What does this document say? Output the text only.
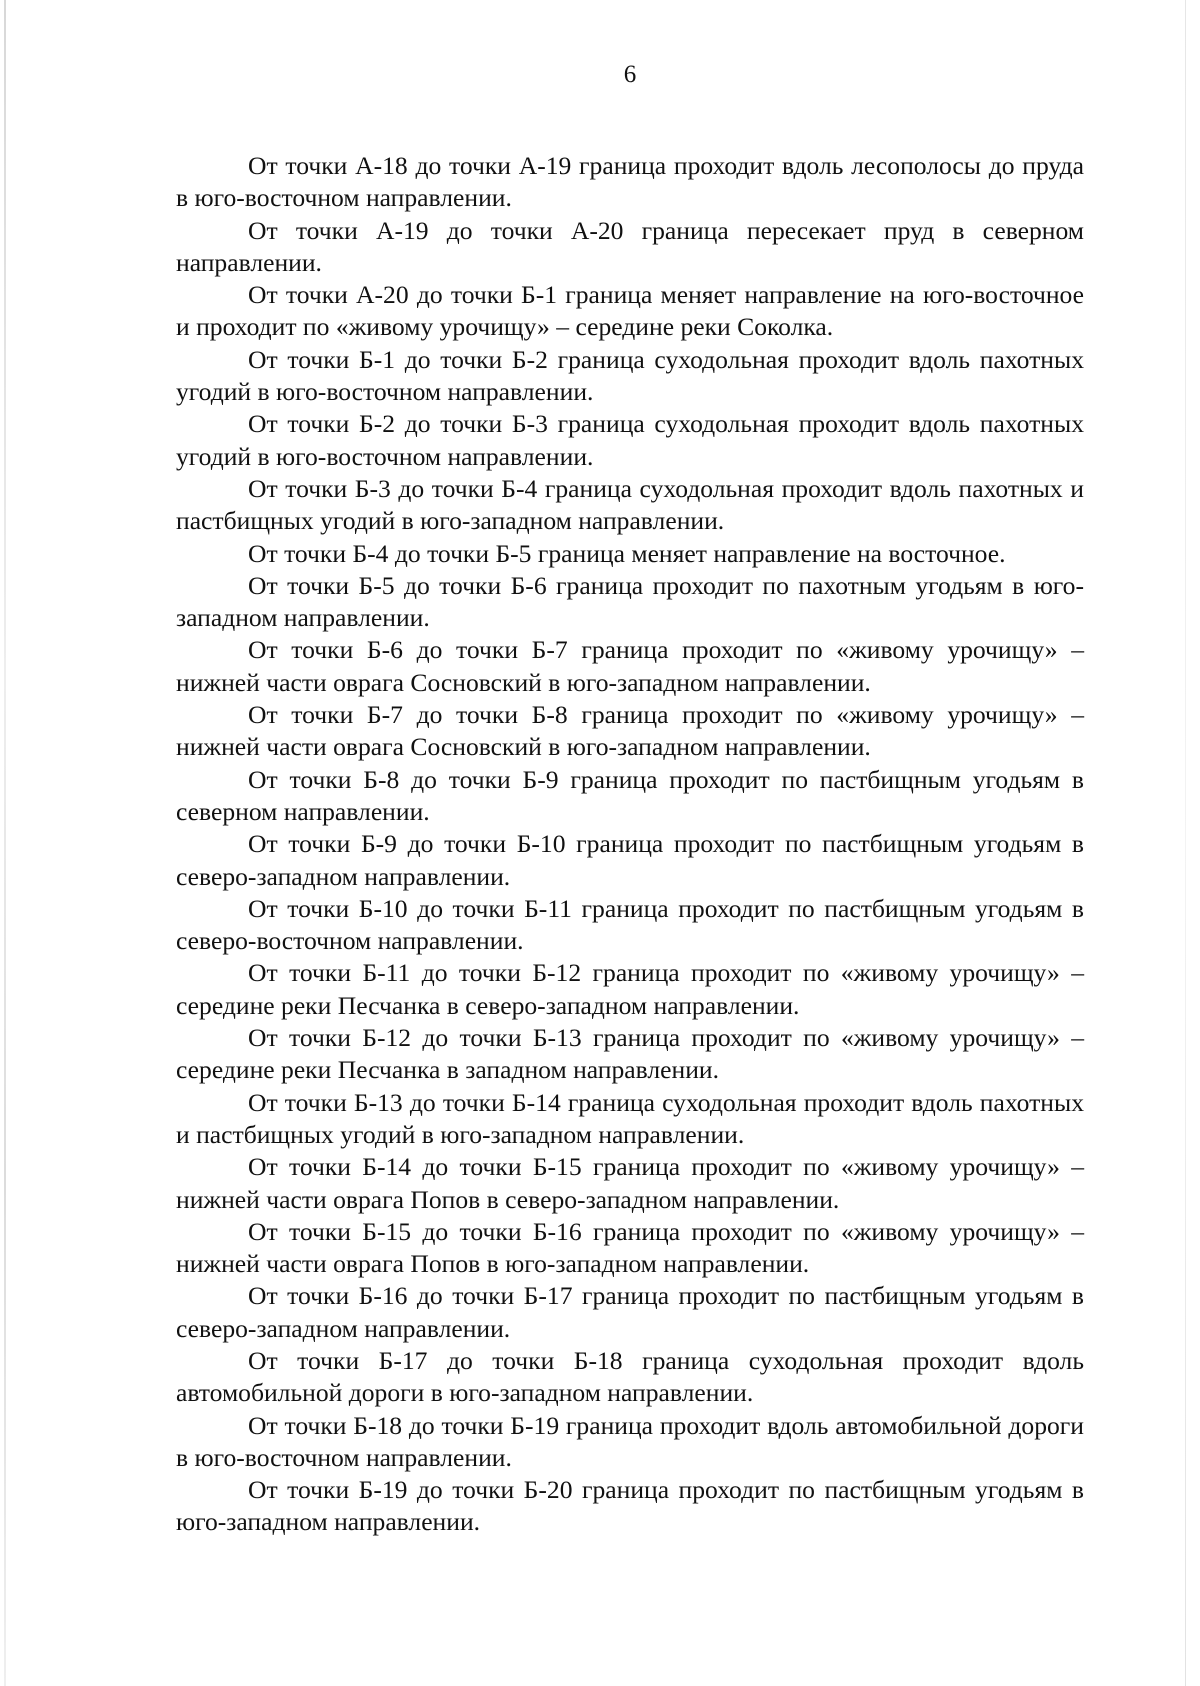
6

От точки А-18 до точки А-19 граница проходит вдоль лесополосы до пруда в юго-восточном направлении.

От точки А-19 до точки А-20 граница пересекает пруд в северном направлении.

От точки А-20 до точки Б-1 граница меняет направление на юго-восточное и проходит по «живому урочищу» – середине реки Соколка.

От точки Б-1 до точки Б-2 граница суходольная проходит вдоль пахотных угодий в юго-восточном направлении.

От точки Б-2 до точки Б-3 граница суходольная проходит вдоль пахотных угодий в юго-восточном направлении.

От точки Б-3 до точки Б-4 граница суходольная проходит вдоль пахотных и пастбищных угодий в юго-западном направлении.

От точки Б-4 до точки Б-5 граница меняет направление на восточное.

От точки Б-5 до точки Б-6 граница проходит по пахотным угодьям в юго-западном направлении.

От точки Б-6 до точки Б-7 граница проходит по «живому урочищу» – нижней части оврага Сосновский в юго-западном направлении.

От точки Б-7 до точки Б-8 граница проходит по «живому урочищу» – нижней части оврага Сосновский в юго-западном направлении.

От точки Б-8 до точки Б-9 граница проходит по пастбищным угодьям в северном направлении.

От точки Б-9 до точки Б-10 граница проходит по пастбищным угодьям в северо-западном направлении.

От точки Б-10 до точки Б-11 граница проходит по пастбищным угодьям в северо-восточном направлении.

От точки Б-11 до точки Б-12 граница проходит по «живому урочищу» – середине реки Песчанка в северо-западном направлении.

От точки Б-12 до точки Б-13 граница проходит по «живому урочищу» – середине реки Песчанка в западном направлении.

От точки Б-13 до точки Б-14 граница суходольная проходит вдоль пахотных и пастбищных угодий в юго-западном направлении.

От точки Б-14 до точки Б-15 граница проходит по «живому урочищу» – нижней части оврага Попов в северо-западном направлении.

От точки Б-15 до точки Б-16 граница проходит по «живому урочищу» – нижней части оврага Попов в юго-западном направлении.

От точки Б-16 до точки Б-17 граница проходит по пастбищным угодьям в северо-западном направлении.

От точки Б-17 до точки Б-18 граница суходольная проходит вдоль автомобильной дороги в юго-западном направлении.

От точки Б-18 до точки Б-19 граница проходит вдоль автомобильной дороги в юго-восточном направлении.

От точки Б-19 до точки Б-20 граница проходит по пастбищным угодьям в юго-западном направлении.
